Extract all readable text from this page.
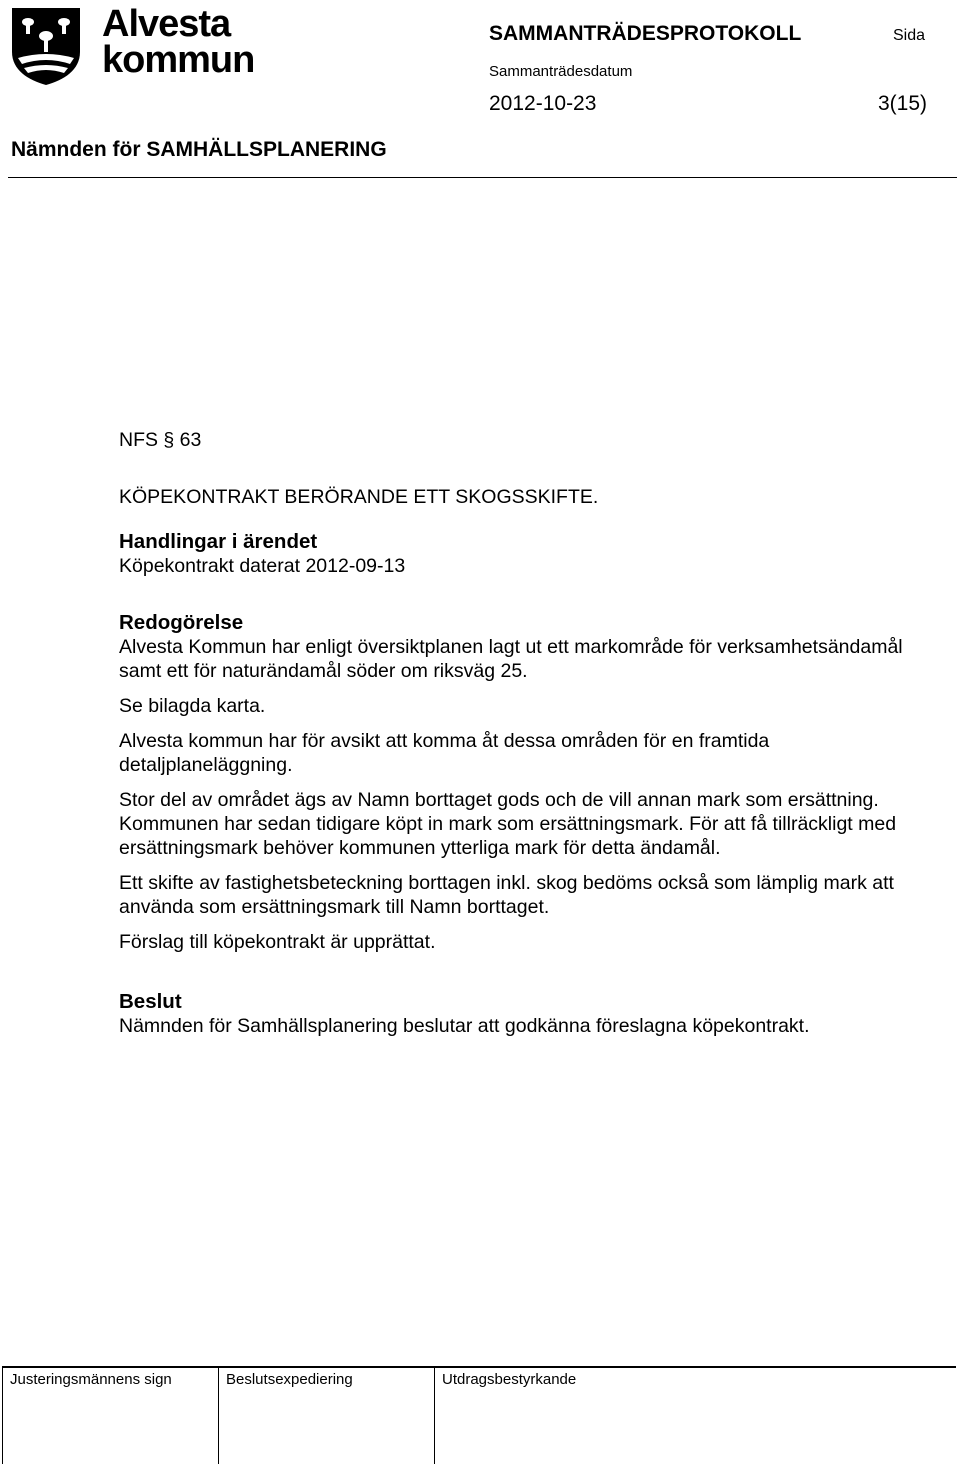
Alvesta
kommun
SAMMANTRÄDESPROTOKOLL	Sida
Sammanträdesdatum
2012-10-23	3(15)
Nämnden för SAMHÄLLSPLANERING

NFS § 63

KÖPEKONTRAKT BERÖRANDE ETT SKOGSSKIFTE.

Handlingar i ärendet

Köpekontrakt daterat 2012-09-13

Redogörelse

Alvesta Kommun har enligt översiktplanen lagt ut ett markområde för verksamhetsändamål samt ett för naturändamål söder om riksväg 25.

Se bilagda karta.

Alvesta kommun har för avsikt att komma åt dessa områden för en framtida detaljplaneläggning.

Stor del av området ägs av Namn borttaget gods och de vill annan mark som ersättning. Kommunen har sedan tidigare köpt in mark som ersättningsmark. För att få tillräckligt med ersättningsmark behöver kommunen ytterliga mark för detta ändamål.

Ett skifte av fastighetsbeteckning borttagen inkl. skog bedöms också som lämplig mark att använda som ersättningsmark till Namn borttaget.

Förslag till köpekontrakt är upprättat.

Beslut

Nämnden för Samhällsplanering beslutar att godkänna föreslagna köpekontrakt.

Justeringsmännens sign	Beslutsexpediering	Utdragsbestyrkande
